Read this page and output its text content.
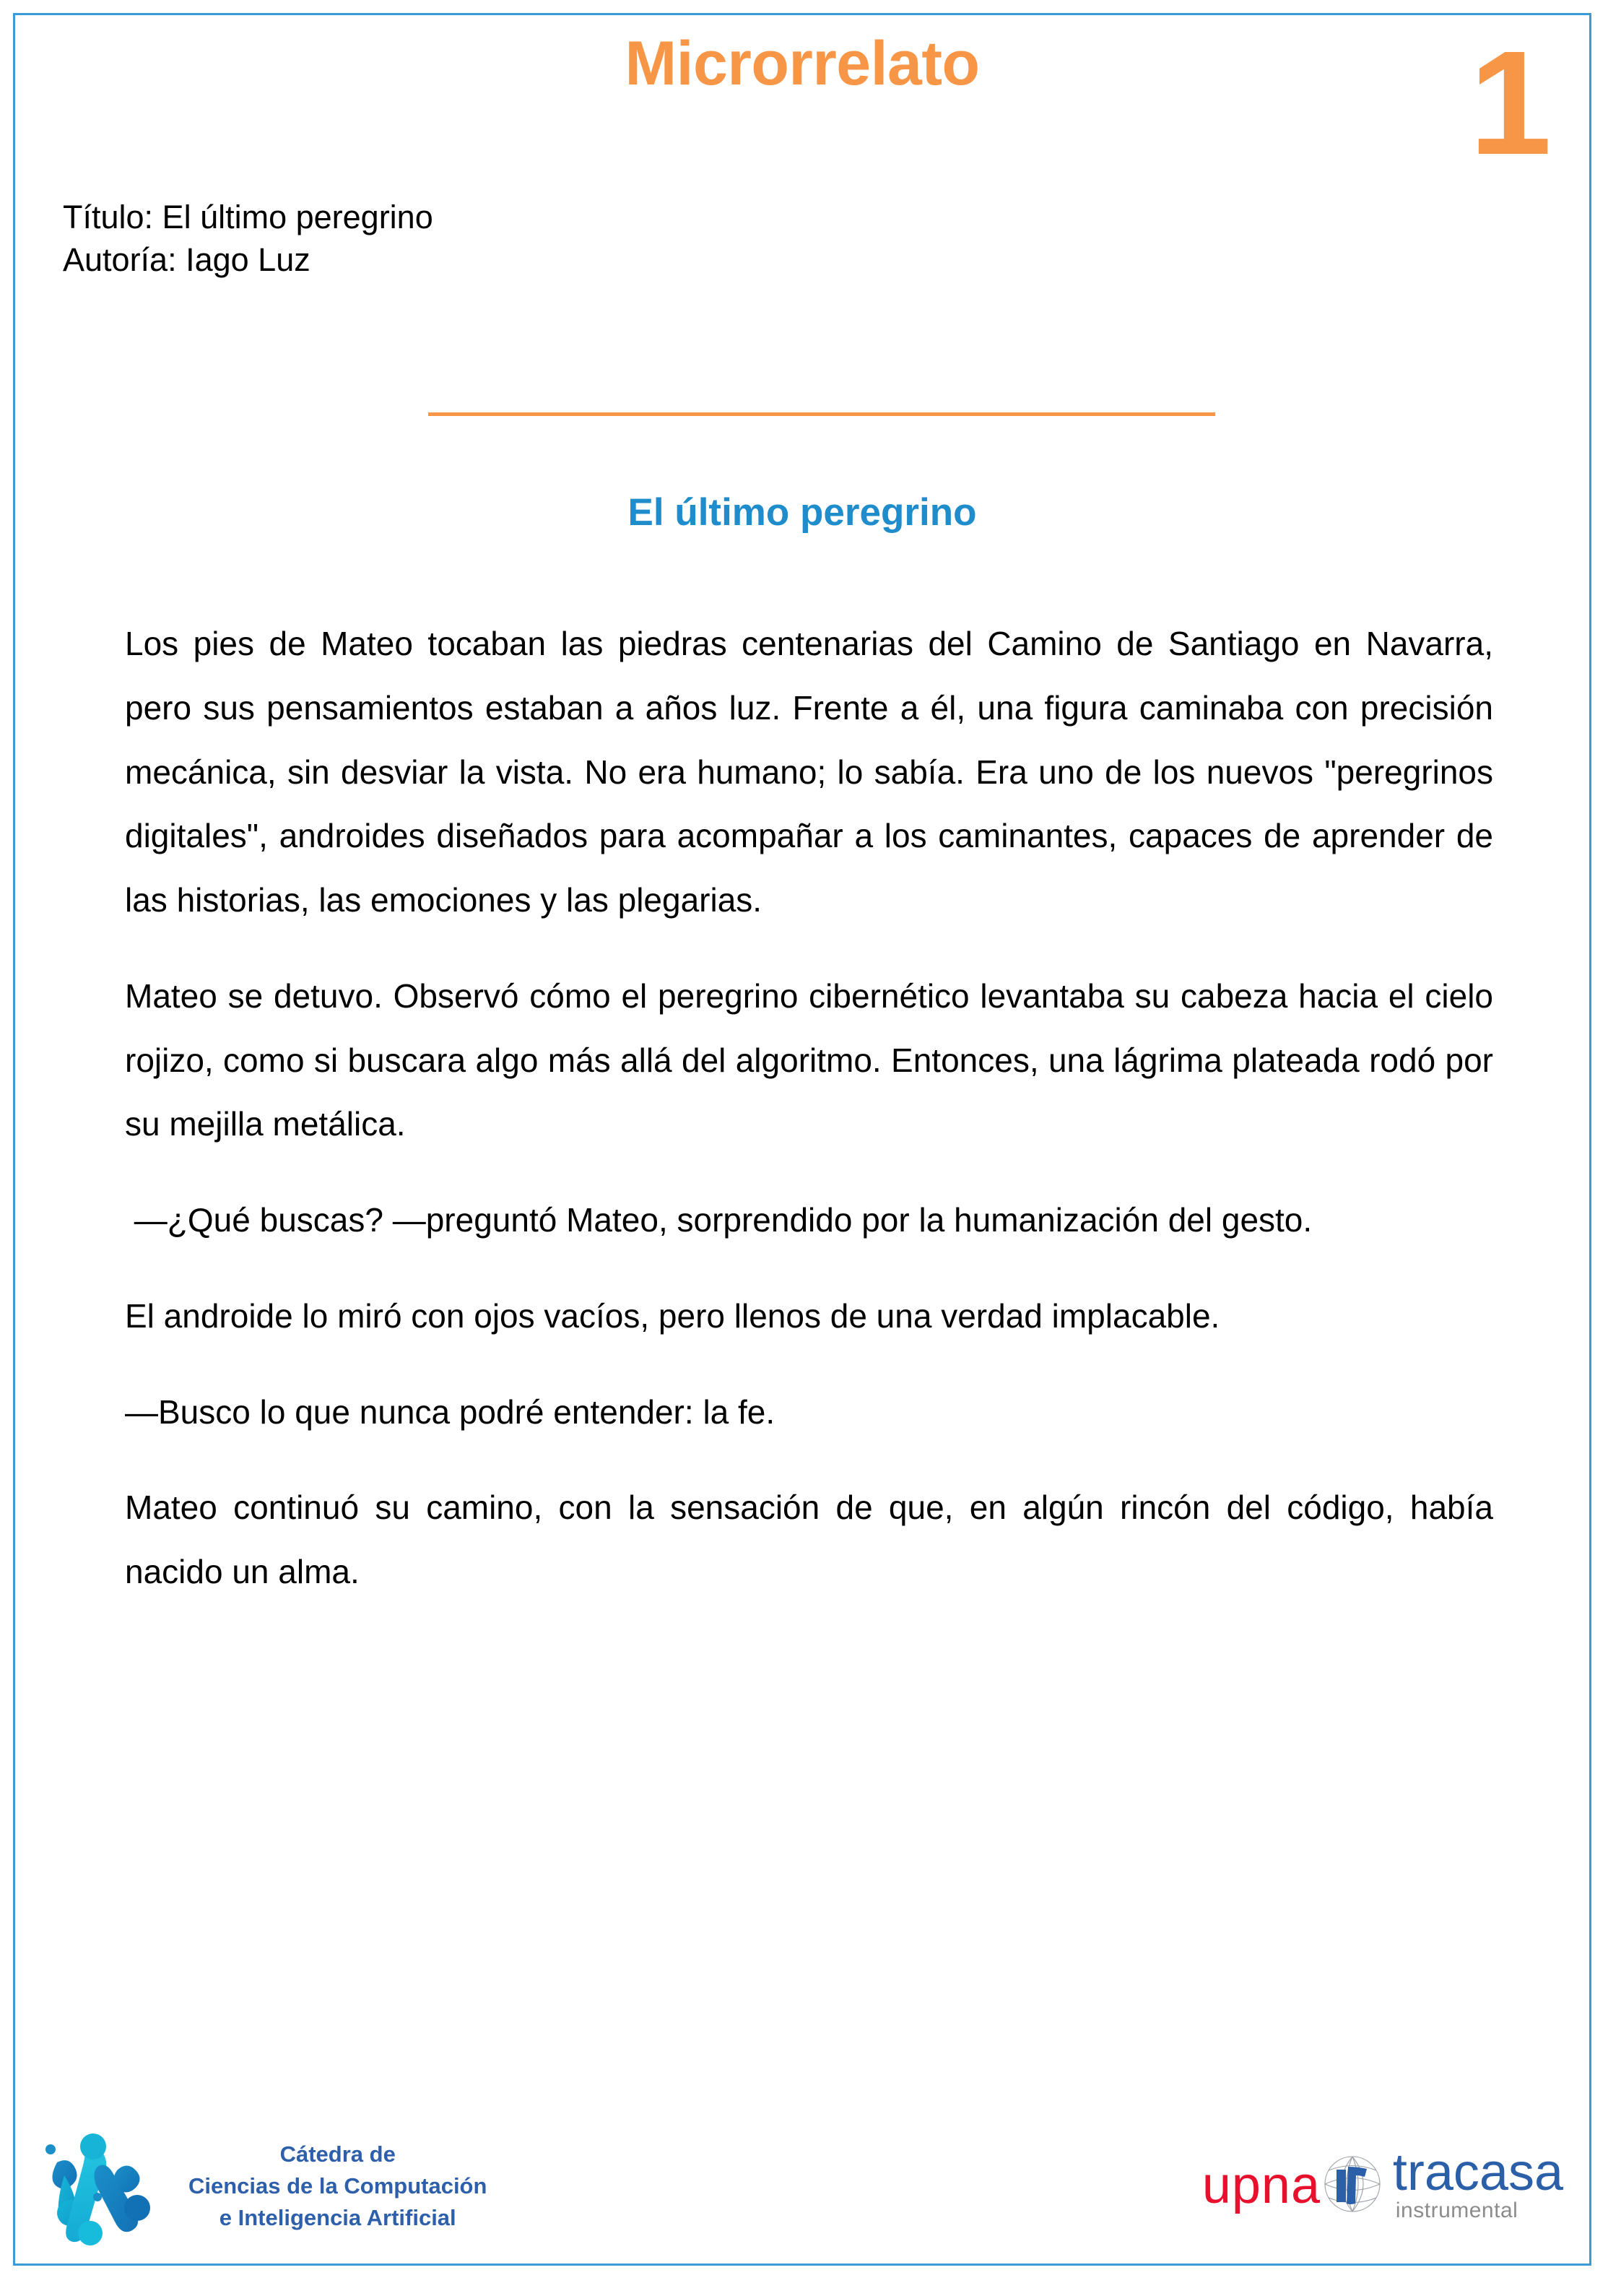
Microrrelato	1
Título: El último peregrino
Autoría: Iago Luz
El último peregrino

Los pies de Mateo tocaban las piedras centenarias del Camino de Santiago en Navarra, pero sus pensamientos estaban a años luz. Frente a él, una figura caminaba con precisión mecánica, sin desviar la vista. No era humano; lo sabía. Era uno de los nuevos "peregrinos digitales", androides diseñados para acompañar a los caminantes, capaces de aprender de las historias, las emociones y las plegarias.

Mateo se detuvo. Observó cómo el peregrino cibernético levantaba su cabeza hacia el cielo rojizo, como si buscara algo más allá del algoritmo. Entonces, una lágrima plateada rodó por su mejilla metálica.

—¿Qué buscas? —preguntó Mateo, sorprendido por la humanización del gesto.

El androide lo miró con ojos vacíos, pero llenos de una verdad implacable.

—Busco lo que nunca podré entender: la fe.

Mateo continuó su camino, con la sensación de que, en algún rincón del código, había nacido un alma.

Cátedra de
Ciencias de la Computación
e Inteligencia Artificial
upna tracasa
instrumental
